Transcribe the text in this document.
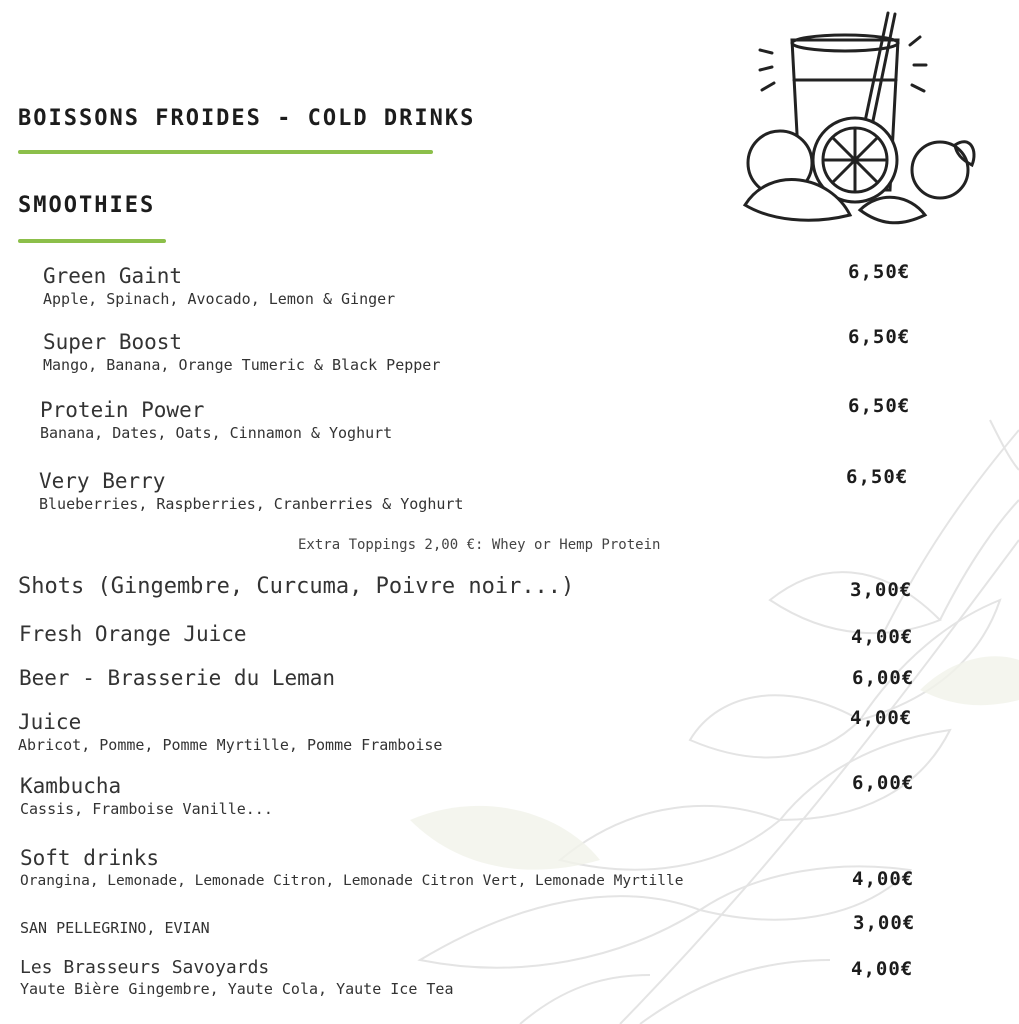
BOISSONS FROIDES - COLD DRINKS
SMOOTHIES
Green Gaint
Apple, Spinach, Avocado, Lemon & Ginger
6,50€
Super Boost
Mango, Banana, Orange Tumeric & Black Pepper
6,50€
Protein Power
Banana, Dates, Oats, Cinnamon & Yoghurt
6,50€
Very Berry
Blueberries, Raspberries, Cranberries & Yoghurt
6,50€
Extra Toppings 2,00 €: Whey or Hemp Protein
Shots (Gingembre, Curcuma, Poivre noir...)	3,00€
Fresh Orange Juice	4,00€
Beer - Brasserie du Leman	6,00€
Juice
Abricot, Pomme, Pomme Myrtille, Pomme Framboise
4,00€
Kambucha
Cassis, Framboise Vanille...
6,00€
Soft drinks
Orangina, Lemonade, Lemonade Citron, Lemonade Citron Vert, Lemonade Myrtille	4,00€
SAN PELLEGRINO, EVIAN	3,00€
Les Brasseurs Savoyards
Yaute Bière Gingembre, Yaute Cola, Yaute Ice Tea
4,00€
